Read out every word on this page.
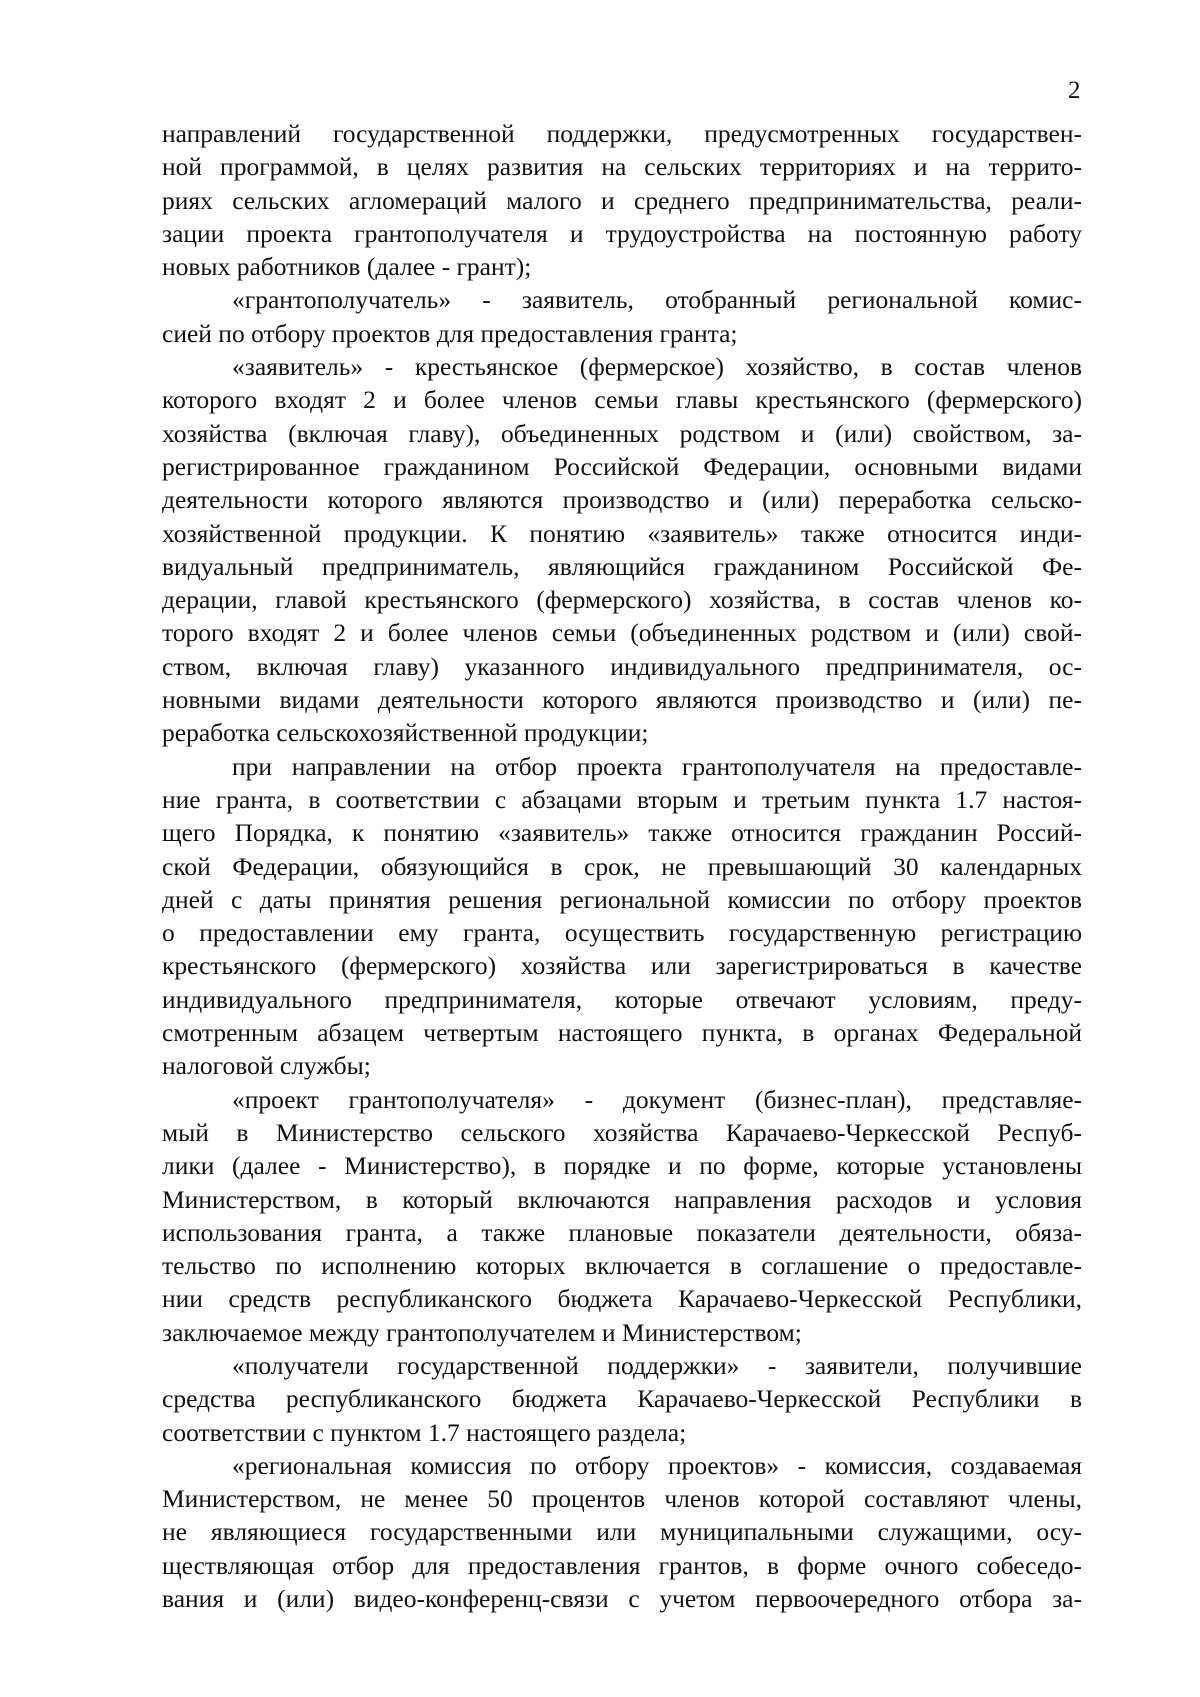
2
направлений государственной поддержки, предусмотренных государствен-
ной программой, в целях развития на сельских территориях и на террито-
риях сельских агломераций малого и среднего предпринимательства, реали-
зации проекта грантополучателя и трудоустройства на постоянную работу
новых работников (далее - грант);
«грантополучатель» - заявитель, отобранный региональной комис-
сией по отбору проектов для предоставления гранта;
«заявитель» - крестьянское (фермерское) хозяйство, в состав членов
которого входят 2 и более членов семьи главы крестьянского (фермерского)
хозяйства (включая главу), объединенных родством и (или) свойством, за-
регистрированное гражданином Российской Федерации, основными видами
деятельности которого являются производство и (или) переработка сельско-
хозяйственной продукции. К понятию «заявитель» также относится инди-
видуальный предприниматель, являющийся гражданином Российской Фе-
дерации, главой крестьянского (фермерского) хозяйства, в состав членов ко-
торого входят 2 и более членов семьи (объединенных родством и (или) свой-
ством, включая главу) указанного индивидуального предпринимателя, ос-
новными видами деятельности которого являются производство и (или) пе-
реработка сельскохозяйственной продукции;
при направлении на отбор проекта грантополучателя на предоставле-
ние гранта, в соответствии с абзацами вторым и третьим пункта 1.7 настоя-
щего Порядка, к понятию «заявитель» также относится гражданин Россий-
ской Федерации, обязующийся в срок, не превышающий 30 календарных
дней с даты принятия решения региональной комиссии по отбору проектов
о предоставлении ему гранта, осуществить государственную регистрацию
крестьянского (фермерского) хозяйства или зарегистрироваться в качестве
индивидуального предпринимателя, которые отвечают условиям, преду-
смотренным абзацем четвертым настоящего пункта, в органах Федеральной
налоговой службы;
«проект грантополучателя» - документ (бизнес-план), представляе-
мый в Министерство сельского хозяйства Карачаево-Черкесской Респуб-
лики (далее - Министерство), в порядке и по форме, которые установлены
Министерством, в который включаются направления расходов и условия
использования гранта, а также плановые показатели деятельности, обяза-
тельство по исполнению которых включается в соглашение о предоставле-
нии средств республиканского бюджета Карачаево-Черкесской Республики,
заключаемое между грантополучателем и Министерством;
«получатели государственной поддержки» - заявители, получившие
средства республиканского бюджета Карачаево-Черкесской Республики в
соответствии с пунктом 1.7 настоящего раздела;
«региональная комиссия по отбору проектов» - комиссия, создаваемая
Министерством, не менее 50 процентов членов которой составляют члены,
не являющиеся государственными или муниципальными служащими, осу-
ществляющая отбор для предоставления грантов, в форме очного собеседо-
вания и (или) видео-конференц-связи с учетом первоочередного отбора за-
